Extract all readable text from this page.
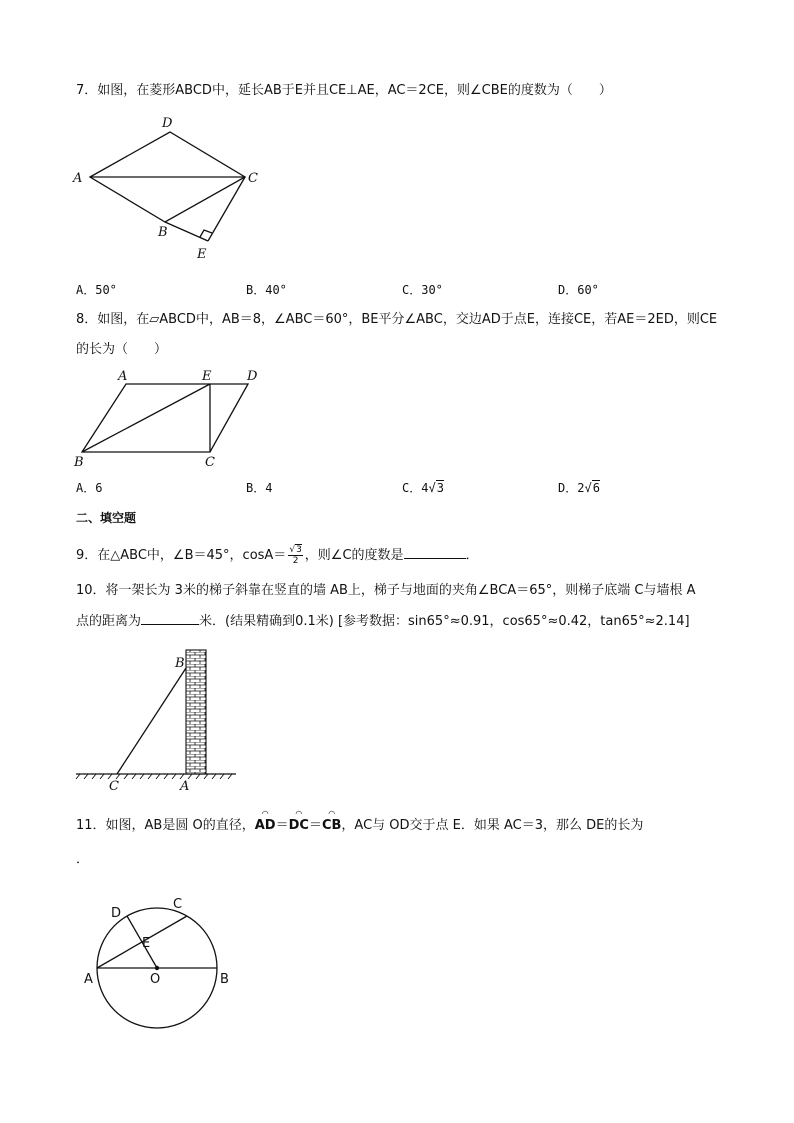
7．如图，在菱形ABCD中，延长AB于E并且CE⊥AE，AC＝2CE，则∠CBE的度数为（　　）
A
D
C
B
E
A．50°	B．40°	C．30°	D．60°
8．如图，在▱ABCD中，AB＝8，∠ABC＝60°，BE平分∠ABC，交边AD于点E，连接CE，若AE＝2ED，则CE
的长为（　　）
A	E	D
B	C
A．6	B．4	C．4√3	D．2√6
二、填空题
9．在△ABC中，∠B＝45°，$\cos A= \frac{√3}{2}$ ，则∠C的度数是	．
10．将一架长为 3米的梯子斜靠在竖直的墙 AB上，梯子与地面的夹角∠BCA＝65°，则梯子底端 C与墙根 A
点的距离为	米．(结果精确到0.1米) [参考数据：sin65°≈0.91，cos65°≈0.42，tan65°≈2.14]
B
C	A
11．如图，AB是圆 O的直径，
◠
AD＝
◠
DC＝
◠
CB，AC与 OD交于点 E．如果 AC＝3，那么 DE的长为
．
A	O	B
D
C
E
